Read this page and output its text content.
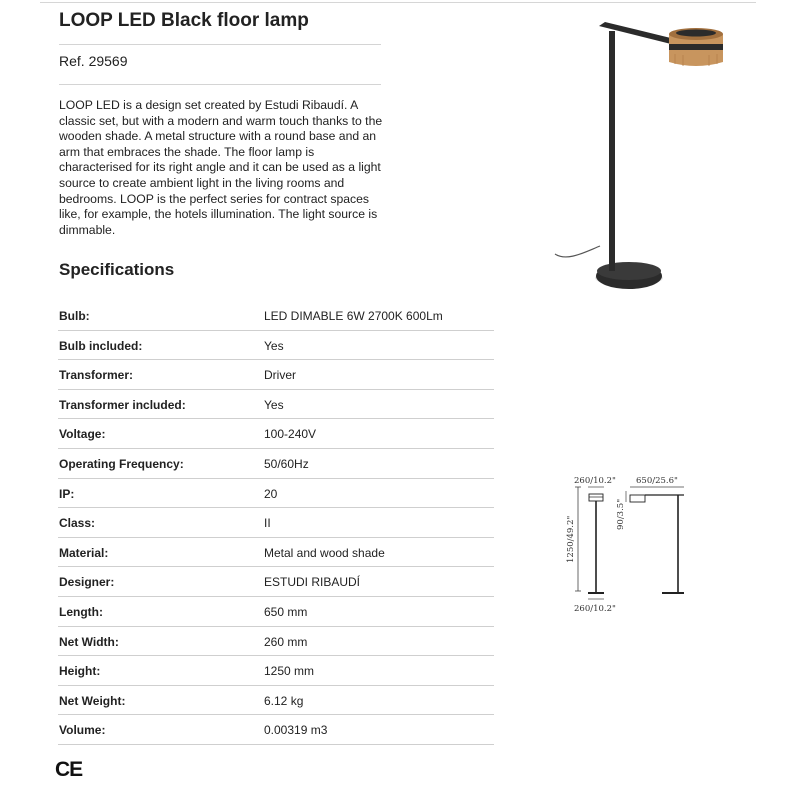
LOOP LED Black floor lamp
Ref. 29569

LOOP LED is a design set created by Estudi Ribaudí. A classic set, but with a modern and warm touch thanks to the wooden shade. A metal structure with a round base and an arm that embraces the shade. The floor lamp is characterised for its right angle and it can be used as a light source to create ambient light in the living rooms and bedrooms. LOOP is the perfect series for contract spaces like, for example, the hotels illumination. The light source is dimmable.

Specifications
Bulb:	LED DIMABLE 6W 2700K 600Lm
Bulb included:	Yes
Transformer:	Driver
Transformer included:	Yes
Voltage:	100-240V
Operating Frequency:	50/60Hz
IP:	20
Class:	II
Material:	Metal and wood shade
Designer:	ESTUDI RIBAUDÍ
Length:	650 mm
Net Width:	260 mm
Height:	1250 mm
Net Weight:	6.12 kg
Volume:	0.00319 m3
260/10.2"
260/10.2"
1250/49.2"
650/25.6"
90/3.5"
CE
